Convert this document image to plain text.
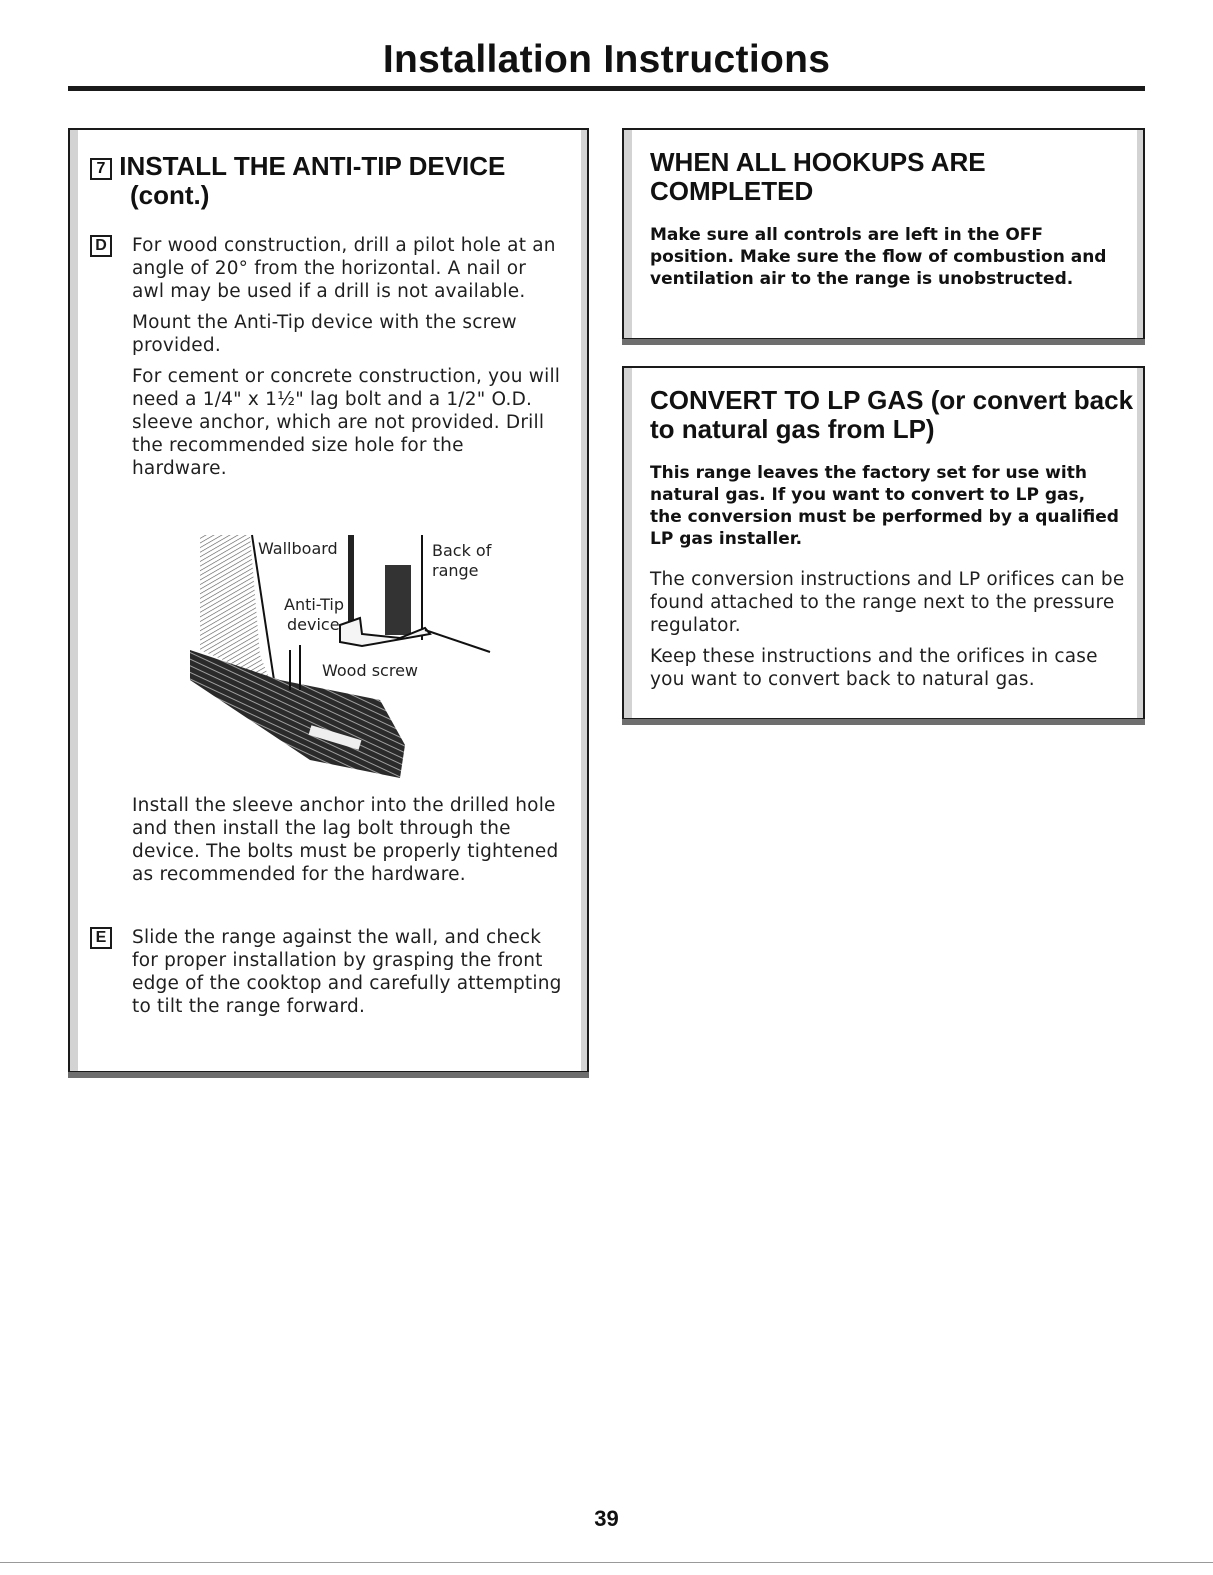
Installation Instructions
7 INSTALL THE ANTI-TIP DEVICE
(cont.)
D For wood construction, drill a pilot hole at an angle of 20° from the horizontal. A nail or awl may be used if a drill is not available.

Mount the Anti-Tip device with the screw provided.

For cement or concrete construction, you will need a 1/4" x 1½" lag bolt and a 1/2" O.D. sleeve anchor, which are not provided. Drill the recommended size hole for the hardware.

Install the sleeve anchor into the drilled hole and then install the lag bolt through the device. The bolts must be properly tightened as recommended for the hardware.
E	Slide the range against the wall, and check for proper installation by grasping the front edge of the cooktop and carefully attempting to tilt the range forward.
Wallboard	Back of
range
Anti-Tip
device
Wood screw
WHEN ALL HOOKUPS ARE
COMPLETED
Make sure all controls are left in the OFF position. Make sure the flow of combustion and ventilation air to the range is unobstructed.
CONVERT TO LP GAS (or convert back
to natural gas from LP)
This range leaves the factory set for use with natural gas. If you want to convert to LP gas, the conversion must be performed by a qualified LP gas installer.

The conversion instructions and LP orifices can be found attached to the range next to the pressure regulator.

Keep these instructions and the orifices in case you want to convert back to natural gas.

39
